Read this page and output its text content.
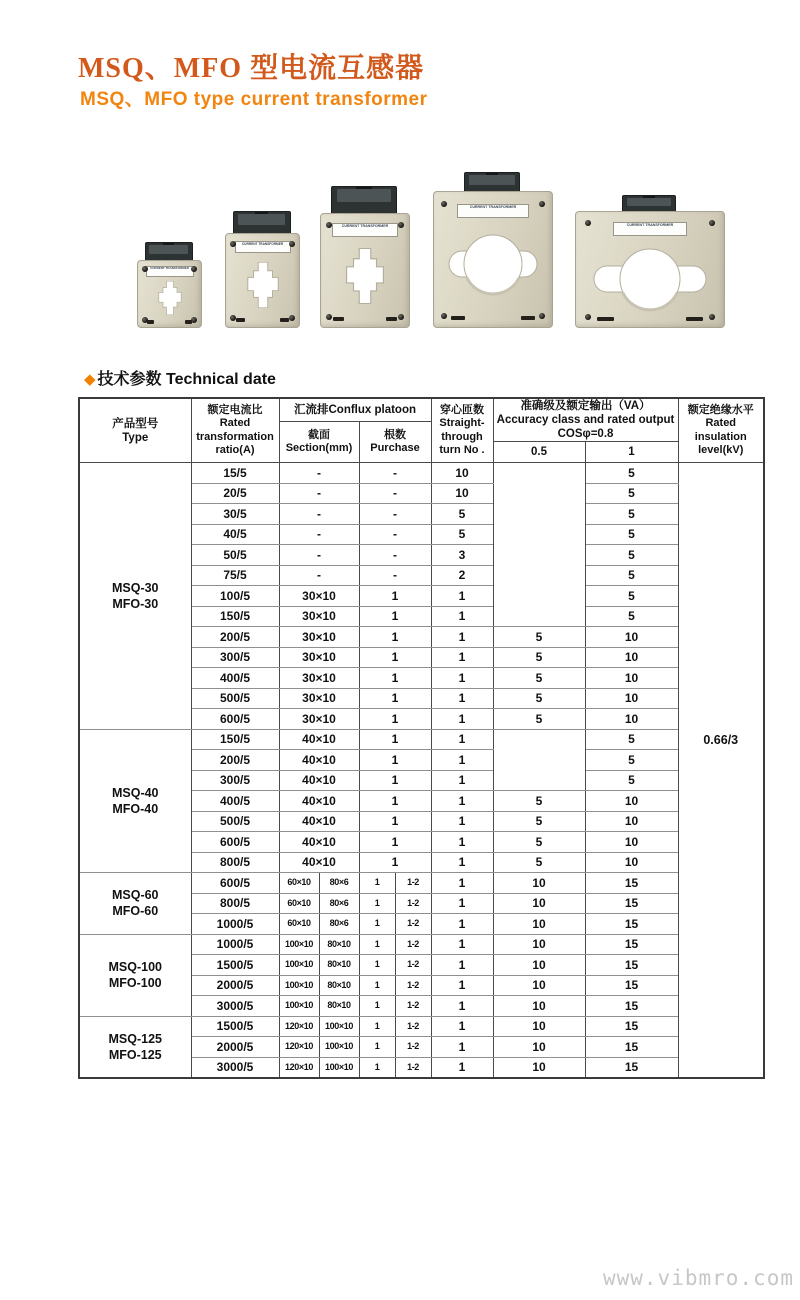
MSQ、MFO 型电流互感器
MSQ、MFO type current transformer
CURRENT TRANSFORMER
CURRENT TRANSFORMER
CURRENT TRANSFORMER
CURRENT TRANSFORMER
CURRENT TRANSFORMER
◆ 技术参数 Technical date
产品型号
Type	额定电流比
Rated
transformation
ratio(A)	汇流排Conflux platoon				穿心匝数
Straight-
through
turn No .	准确级及额定输出（VA）
Accuracy class and rated output
COSφ=0.8		额定绝缘水平
Rated insulation
level(kV)
		截面
Section(mm)		根数
Purchase					
							0.5	1	
MSQ-30
MFO-30	15/5	-		-		10		5	0.66/3
	20/5	-		-		10		5	
	30/5	-		-		5		5	
	40/5	-		-		5		5	
	50/5	-		-		3		5	
	75/5	-		-		2		5	
	100/5	30×10		1		1		5	
	150/5	30×10		1		1		5	
	200/5	30×10		1		1	5	10	
	300/5	30×10		1		1	5	10	
	400/5	30×10		1		1	5	10	
	500/5	30×10		1		1	5	10	
	600/5	30×10		1		1	5	10	
MSQ-40
MFO-40	150/5	40×10		1		1		5	
	200/5	40×10		1		1		5	
	300/5	40×10		1		1		5	
	400/5	40×10		1		1	5	10	
	500/5	40×10		1		1	5	10	
	600/5	40×10		1		1	5	10	
	800/5	40×10		1		1	5	10	
MSQ-60
MFO-60	600/5	60×10	80×6	1	1-2	1	10	15	
	800/5	60×10	80×6	1	1-2	1	10	15	
	1000/5	60×10	80×6	1	1-2	1	10	15	
MSQ-100
MFO-100	1000/5	100×10	80×10	1	1-2	1	10	15	
	1500/5	100×10	80×10	1	1-2	1	10	15	
	2000/5	100×10	80×10	1	1-2	1	10	15	
	3000/5	100×10	80×10	1	1-2	1	10	15	
MSQ-125
MFO-125	1500/5	120×10	100×10	1	1-2	1	10	15	
	2000/5	120×10	100×10	1	1-2	1	10	15	
	3000/5	120×10	100×10	1	1-2	1	10	15	
www.vibmro.com
